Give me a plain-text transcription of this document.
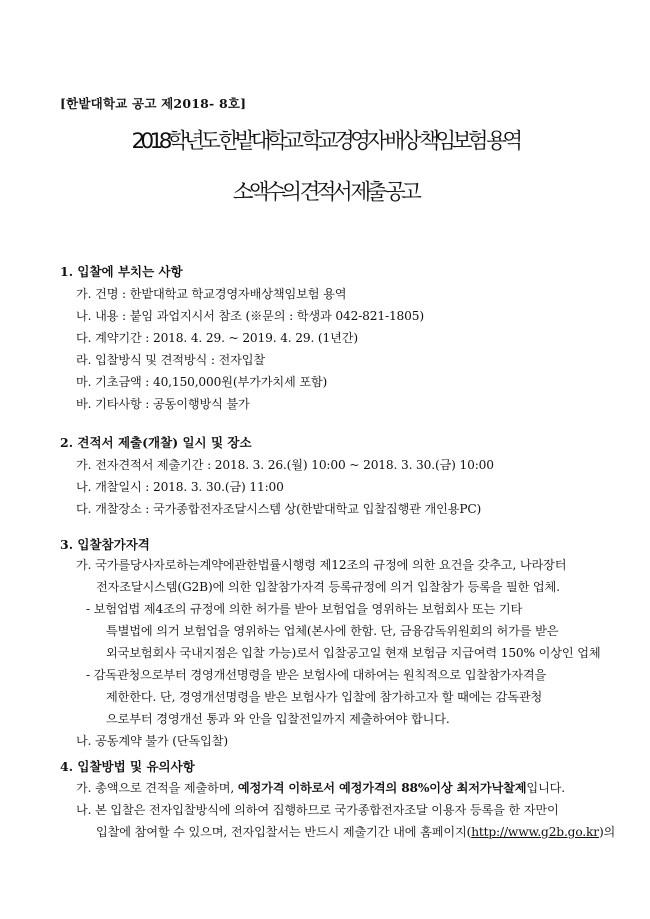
[한밭대학교 공고 제2018- 8호]
2018학년도 한밭대학교 학교경영자 배상 책임보험 용역
소액수의 견적서 제출 공고
1. 입찰에 부치는 사항
가. 건명 : 한밭대학교 학교경영자배상책임보험 용역
나. 내용 : 붙임 과업지시서 참조 (※문의 : 학생과 042-821-1805)
다. 계약기간 : 2018. 4. 29. ~ 2019. 4. 29. (1년간)
라. 입찰방식 및 견적방식 : 전자입찰
마. 기초금액 : 40,150,000원(부가가치세 포함)
바. 기타사항 : 공동이행방식 불가
2. 견적서 제출(개찰) 일시 및 장소
가. 전자견적서 제출기간 : 2018. 3. 26.(월) 10:00 ~ 2018. 3. 30.(금) 10:00
나. 개찰일시 : 2018. 3. 30.(금) 11:00
다. 개찰장소 : 국가종합전자조달시스템 상(한밭대학교 입찰집행관 개인용PC)
3. 입찰참가자격
가. 국가를당사자로하는계약에관한법률시행령 제12조의 규정에 의한 요건을 갖추고, 나라장터
전자조달시스템(G2B)에 의한 입찰참가자격 등록규정에 의거 입찰참가 등록을 필한 업체.
- 보험업법 제4조의 규정에 의한 허가를 받아 보험업을 영위하는 보험회사 또는 기타
특별법에 의거 보험업을 영위하는 업체(본사에 한함. 단, 금융감독위원회의 허가를 받은
외국보험회사 국내지점은 입찰 가능)로서 입찰공고일 현재 보험금 지급여력 150% 이상인 업체
- 감독관청으로부터 경영개선명령을 받은 보험사에 대하여는 원칙적으로 입찰참가자격을
제한한다. 단, 경영개선명령을 받은 보험사가 입찰에 참가하고자 할 때에는 감독관청
으로부터 경영개선 통과 와 안을 입찰전일까지 제출하여야 합니다.
나. 공동계약 불가 (단독입찰)
4. 입찰방법 및 유의사항
가. 총액으로 견적을 제출하며, 예정가격 이하로서 예정가격의 88%이상 최저가낙찰제입니다.
나. 본 입찰은 전자입찰방식에 의하여 집행하므로 국가종합전자조달 이용자 등록을 한 자만이
입찰에 참여할 수 있으며, 전자입찰서는 반드시 제출기간 내에 홈페이지(http://www.g2b.go.kr)의
